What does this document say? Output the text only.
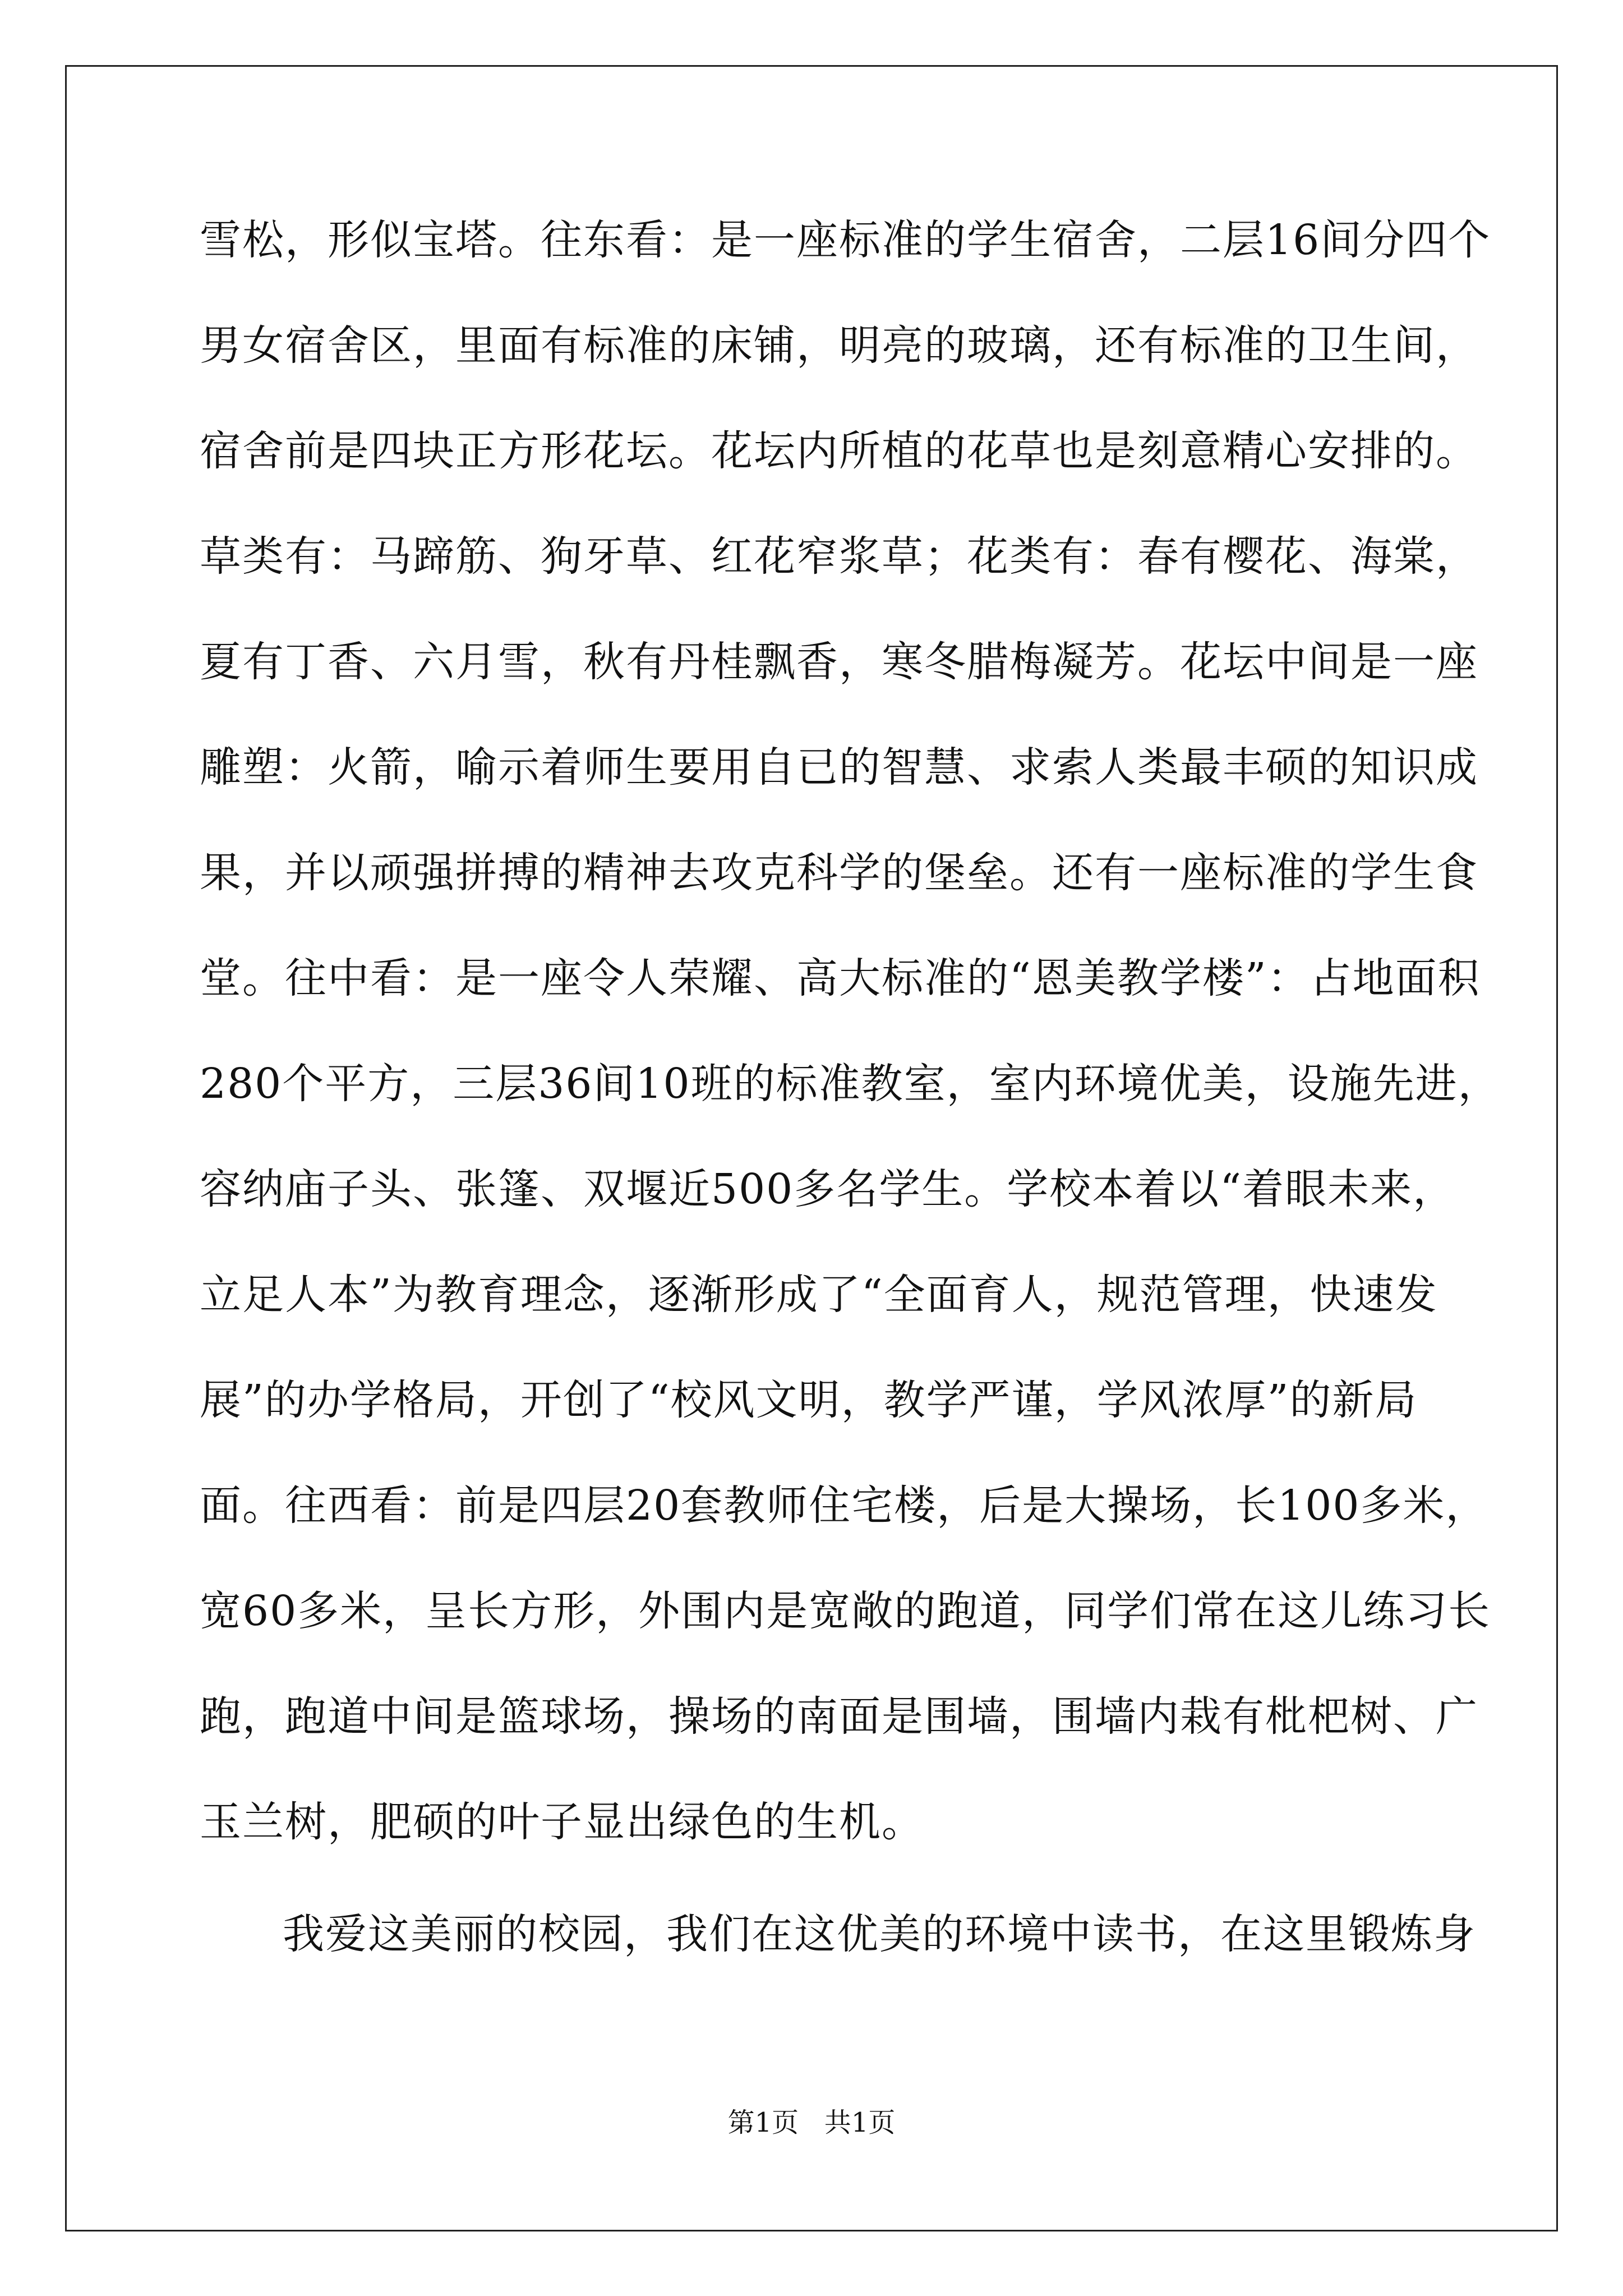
雪松，形似宝塔。往东看：是一座标准的学生宿舍，二层16间分四个
男女宿舍区，里面有标准的床铺，明亮的玻璃，还有标准的卫生间，
宿舍前是四块正方形花坛。花坛内所植的花草也是刻意精心安排的。
草类有：马蹄筋、狗牙草、红花窄浆草；花类有：春有樱花、海棠，
夏有丁香、六月雪，秋有丹桂飘香，寒冬腊梅凝芳。花坛中间是一座
雕塑：火箭，喻示着师生要用自已的智慧、求索人类最丰硕的知识成
果，并以顽强拼搏的精神去攻克科学的堡垒。还有一座标准的学生食
堂。往中看：是一座令人荣耀、高大标准的“恩美教学楼”：占地面积
280个平方，三层36间10班的标准教室，室内环境优美，设施先进，
容纳庙子头、张篷、双堰近500多名学生。学校本着以“着眼未来，
立足人本”为教育理念，逐渐形成了“全面育人，规范管理，快速发
展”的办学格局，开创了“校风文明，教学严谨，学风浓厚”的新局
面。往西看：前是四层20套教师住宅楼，后是大操场，长100多米，
宽60多米，呈长方形，外围内是宽敞的跑道，同学们常在这儿练习长
跑，跑道中间是篮球场，操场的南面是围墙，围墙内栽有枇杷树、广
玉兰树，肥硕的叶子显出绿色的生机。
我爱这美丽的校园，我们在这优美的环境中读书，在这里锻炼身
第1页   共1页
